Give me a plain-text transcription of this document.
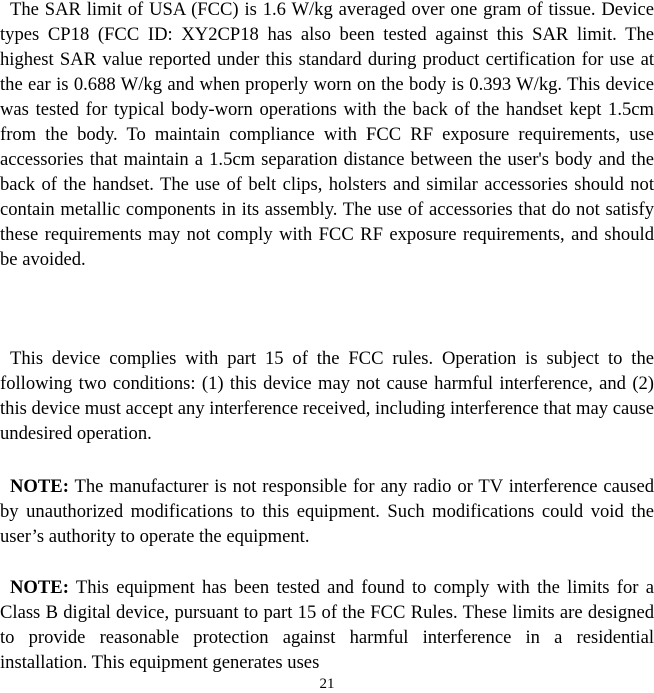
The SAR limit of USA (FCC) is 1.6 W/kg averaged over one gram of tissue. Device types CP18 (FCC ID: XY2CP18 has also been tested against this SAR limit. The highest SAR value reported under this standard during product certification for use at the ear is 0.688 W/kg and when properly worn on the body is 0.393 W/kg. This device was tested for typical body-worn operations with the back of the handset kept 1.5cm from the body. To maintain compliance with FCC RF exposure requirements, use accessories that maintain a 1.5cm separation distance between the user's body and the back of the handset. The use of belt clips, holsters and similar accessories should not contain metallic components in its assembly. The use of accessories that do not satisfy these requirements may not comply with FCC RF exposure requirements, and should be avoided.

This device complies with part 15 of the FCC rules. Operation is subject to the following two conditions: (1) this device may not cause harmful interference, and (2) this device must accept any interference received, including interference that may cause undesired operation.

NOTE: The manufacturer is not responsible for any radio or TV interference caused by unauthorized modifications to this equipment. Such modifications could void the user’s authority to operate the equipment.

NOTE: This equipment has been tested and found to comply with the limits for a Class B digital device, pursuant to part 15 of the FCC Rules. These limits are designed to provide reasonable protection against harmful interference in a residential installation. This equipment generates uses

21
